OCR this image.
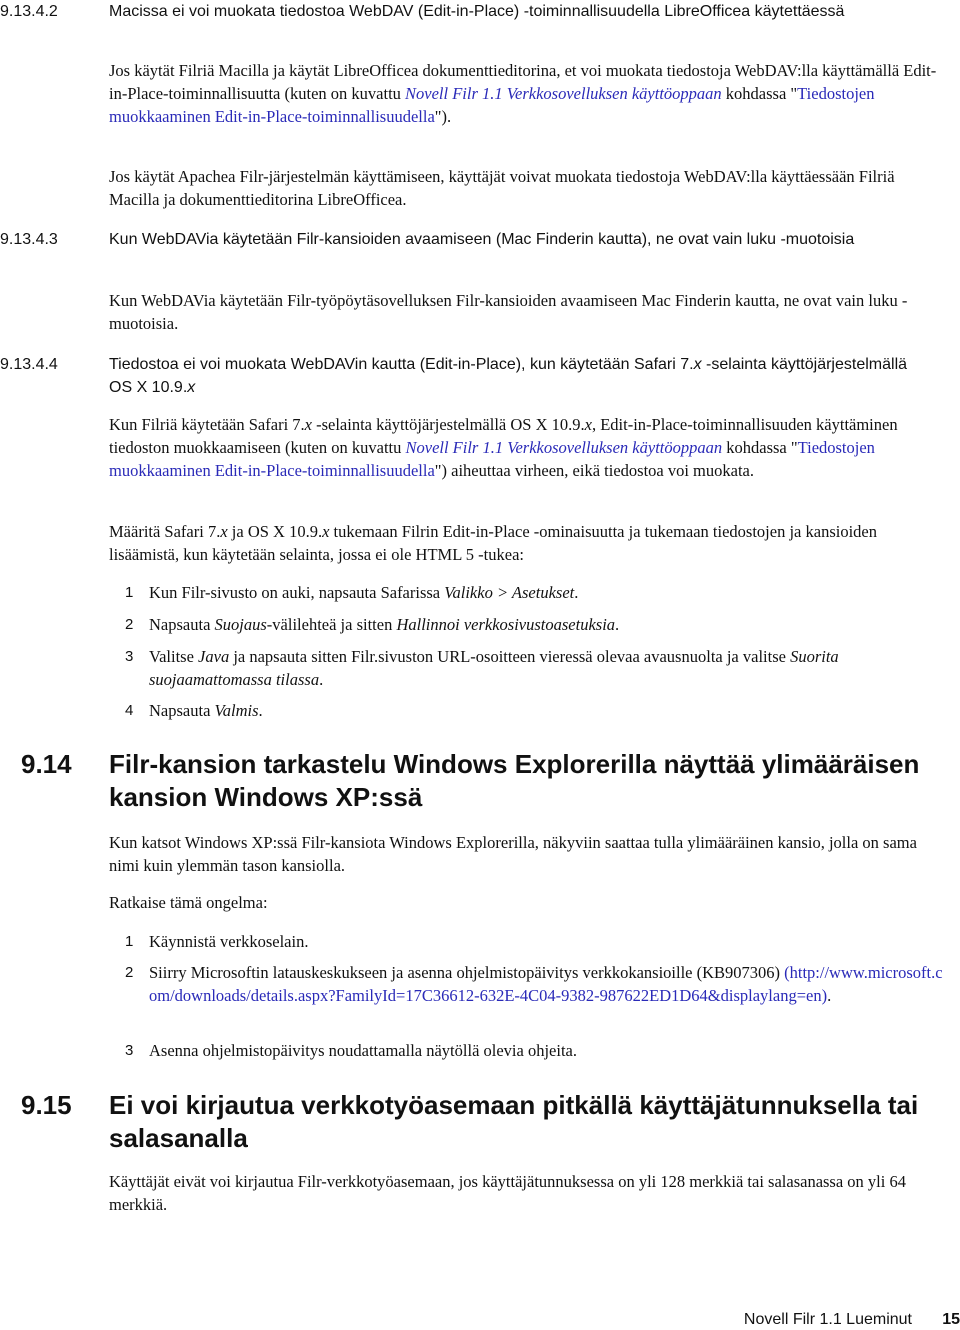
9.13.4.2	Macissa ei voi muokata tiedostoa WebDAV (Edit-in-Place) -toiminnallisuudella LibreOfficea käytettäessä

Jos käytät Filriä Macilla ja käytät LibreOfficea dokumenttieditorina, et voi muokata tiedostoja WebDAV:lla käyttämällä Edit-in-Place-toiminnallisuutta (kuten on kuvattu Novell Filr 1.1 Verkkosovelluksen käyttöoppaan kohdassa "Tiedostojen muokkaaminen Edit-in-Place-toiminnallisuudella").

Jos käytät Apachea Filr-järjestelmän käyttämiseen, käyttäjät voivat muokata tiedostoja WebDAV:lla käyttäessään Filriä Macilla ja dokumenttieditorina LibreOfficea.

9.13.4.3	Kun WebDAVia käytetään Filr-kansioiden avaamiseen (Mac Finderin kautta), ne ovat vain luku -muotoisia

Kun WebDAVia käytetään Filr-työpöytäsovelluksen Filr-kansioiden avaamiseen Mac Finderin kautta, ne ovat vain luku -muotoisia.

9.13.4.4	Tiedostoa ei voi muokata WebDAVin kautta (Edit-in-Place), kun käytetään Safari 7.x -selainta käyttöjärjestelmällä OS X 10.9.x

Kun Filriä käytetään Safari 7.x -selainta käyttöjärjestelmällä OS X 10.9.x, Edit-in-Place-toiminnallisuuden käyttäminen tiedoston muokkaamiseen (kuten on kuvattu Novell Filr 1.1 Verkkosovelluksen käyttöoppaan kohdassa "Tiedostojen muokkaaminen Edit-in-Place-toiminnallisuudella") aiheuttaa virheen, eikä tiedostoa voi muokata.

Määritä Safari 7.x ja OS X 10.9.x tukemaan Filrin Edit-in-Place -ominaisuutta ja tukemaan tiedostojen ja kansioiden lisäämistä, kun käytetään selainta, jossa ei ole HTML 5 -tukea:

1 Kun Filr-sivusto on auki, napsauta Safarissa Valikko > Asetukset.
2 Napsauta Suojaus-välilehteä ja sitten Hallinnoi verkkosivustoasetuksia.
3 Valitse Java ja napsauta sitten Filr.sivuston URL-osoitteen vieressä olevaa avausnuolta ja valitse Suorita suojaamattomassa tilassa.
4 Napsauta Valmis.
9.14 Filr-kansion tarkastelu Windows Explorerilla näyttää ylimääräisen kansion Windows XP:ssä

Kun katsot Windows XP:ssä Filr-kansiota Windows Explorerilla, näkyviin saattaa tulla ylimääräinen kansio, jolla on sama nimi kuin ylemmän tason kansiolla.

Ratkaise tämä ongelma:

1 Käynnistä verkkoselain.
2 Siirry Microsoftin latauskeskukseen ja asenna ohjelmistopäivitys verkkokansioille (KB907306) (http://www.microsoft.com/downloads/details.aspx?FamilyId=17C36612-632E-4C04-9382-987622ED1D64&displaylang=en).
3 Asenna ohjelmistopäivitys noudattamalla näytöllä olevia ohjeita.
9.15 Ei voi kirjautua verkkotyöasemaan pitkällä käyttäjätunnuksella tai salasanalla

Käyttäjät eivät voi kirjautua Filr-verkkotyöasemaan, jos käyttäjätunnuksessa on yli 128 merkkiä tai salasanassa on yli 64 merkkiä.

Novell Filr 1.1 Lueminut 15
